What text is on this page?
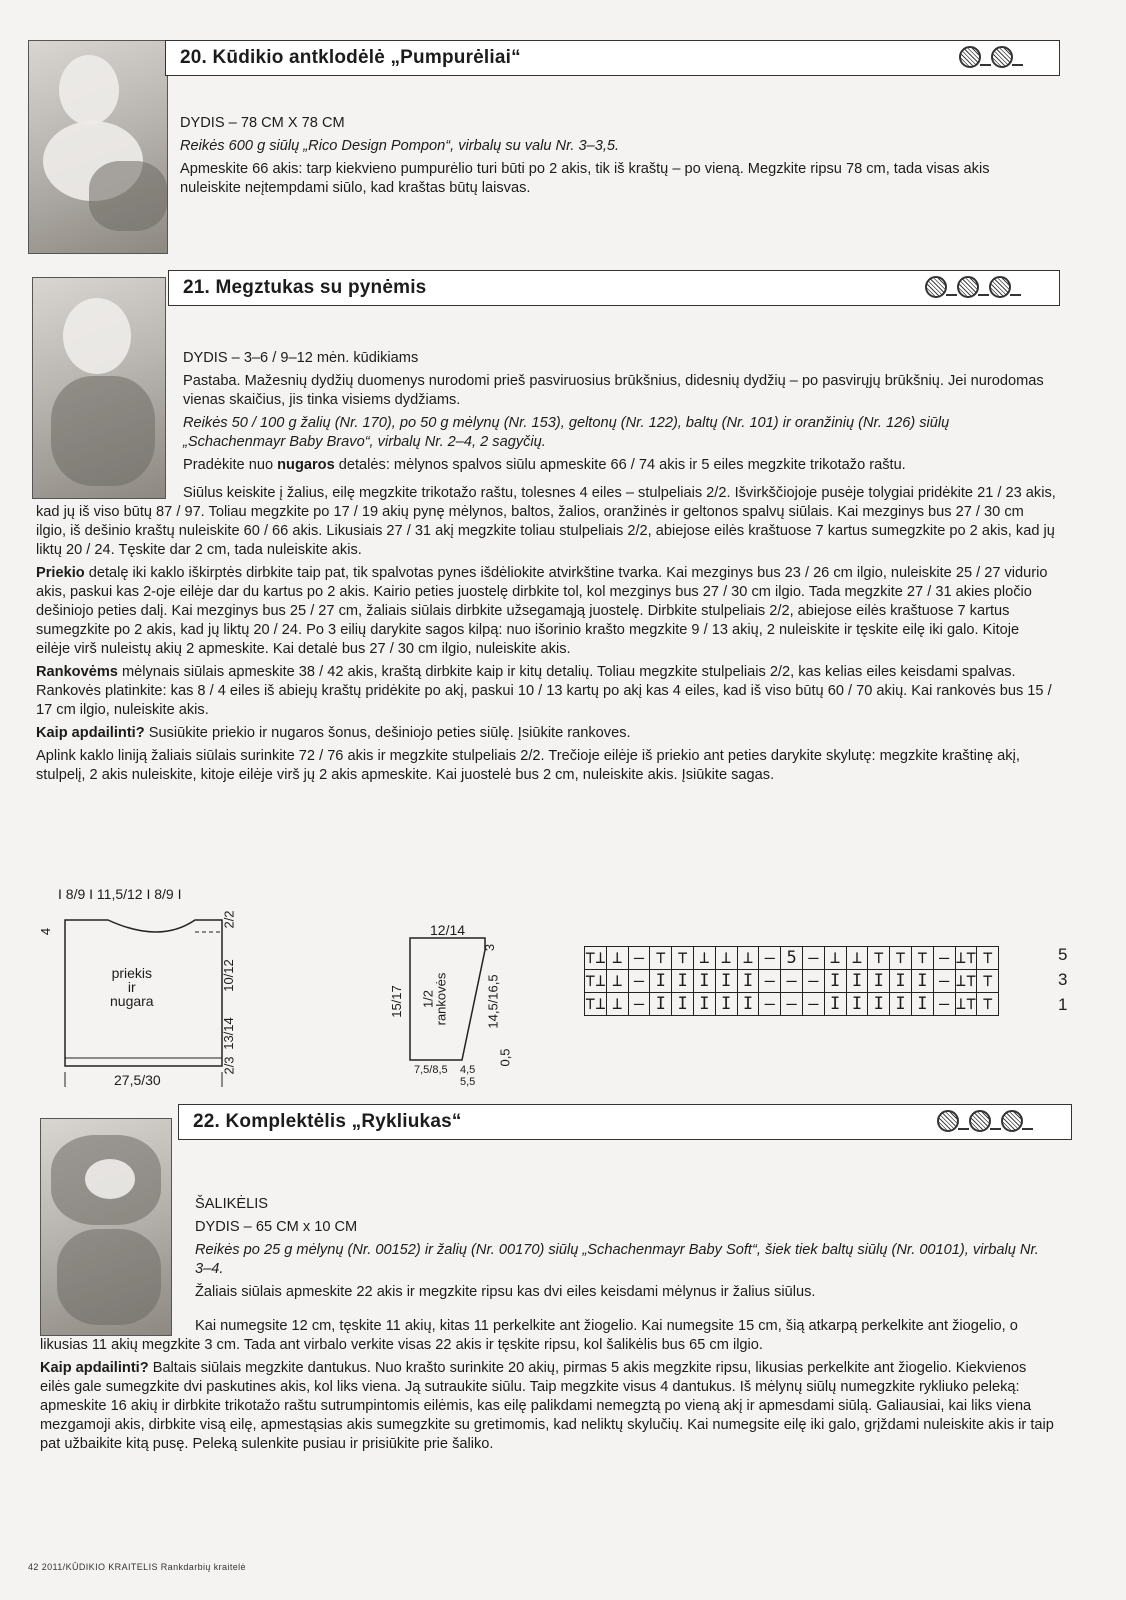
20. Kūdikio antklodėlė „Pumpurėliai“

DYDIS – 78 CM X 78 CM

Reikės 600 g siūlų „Rico Design Pompon“, virbalų su valu Nr. 3–3,5.

Apmeskite 66 akis: tarp kiekvieno pumpurėlio turi būti po 2 akis, tik iš kraštų – po vieną. Megzkite ripsu 78 cm, tada visas akis nuleiskite neįtempdami siūlo, kad kraštas būtų laisvas.

21. Megztukas su pynėmis

DYDIS – 3–6 / 9–12 mėn. kūdikiams

Pastaba. Mažesnių dydžių duomenys nurodomi prieš pasviruosius brūkšnius, didesnių dydžių – po pasvirųjų brūkšnių. Jei nurodomas vienas skaičius, jis tinka visiems dydžiams.

Reikės 50 / 100 g žalių (Nr. 170), po 50 g mėlynų (Nr. 153), geltonų (Nr. 122), baltų (Nr. 101) ir oranžinių (Nr. 126) siūlų „Schachenmayr Baby Bravo“, virbalų Nr. 2–4, 2 sagyčių.

Pradėkite nuo nugaros detalės: mėlynos spalvos siūlu apmeskite 66 / 74 akis ir 5 eiles megzkite trikotažo raštu.

Siūlus keiskite į žalius, eilę megzkite trikotažo raštu, tolesnes 4 eiles – stulpeliais 2/2. Išvirkščiojoje pusėje tolygiai pridėkite 21 / 23 akis, kad jų iš viso būtų 87 / 97. Toliau megzkite po 17 / 19 akių pynę mėlynos, baltos, žalios, oranžinės ir geltonos spalvų siūlais. Kai mezginys bus 27 / 30 cm ilgio, iš dešinio kraštų nuleiskite 60 / 66 akis. Likusiais 27 / 31 akį megzkite toliau stulpeliais 2/2, abiejose eilės kraštuose 7 kartus sumegzkite po 2 akis, kad jų liktų 20 / 24. Tęskite dar 2 cm, tada nuleiskite akis.

Priekio detalę iki kaklo iškirptės dirbkite taip pat, tik spalvotas pynes išdėliokite atvirkštine tvarka. Kai mezginys bus 23 / 26 cm ilgio, nuleiskite 25 / 27 vidurio akis, paskui kas 2-oje eilėje dar du kartus po 2 akis. Kairio peties juostelę dirbkite tol, kol mezginys bus 27 / 30 cm ilgio. Tada megzkite 27 / 31 akies pločio dešiniojo peties dalį. Kai mezginys bus 25 / 27 cm, žaliais siūlais dirbkite užsegamąją juostelę. Dirbkite stulpeliais 2/2, abiejose eilės kraštuose 7 kartus sumegzkite po 2 akis, kad jų liktų 20 / 24. Po 3 eilių darykite sagos kilpą: nuo išorinio krašto megzkite 9 / 13 akių, 2 nuleiskite ir tęskite eilę iki galo. Kitoje eilėje virš nuleistų akių 2 apmeskite. Kai detalė bus 27 / 30 cm ilgio, nuleiskite akis.

Rankovėms mėlynais siūlais apmeskite 38 / 42 akis, kraštą dirbkite kaip ir kitų detalių. Toliau megzkite stulpeliais 2/2, kas kelias eiles keisdami spalvas. Rankovės platinkite: kas 8 / 4 eiles iš abiejų kraštų pridėkite po akį, paskui 10 / 13 kartų po akį kas 4 eiles, kad iš viso būtų 60 / 70 akių. Kai rankovės bus 15 / 17 cm ilgio, nuleiskite akis.

Kaip apdailinti? Susiūkite priekio ir nugaros šonus, dešiniojo peties siūlę. Įsiūkite rankoves.

Aplink kaklo liniją žaliais siūlais surinkite 72 / 76 akis ir megzkite stulpeliais 2/2. Trečioje eilėje iš priekio ant peties darykite skylutę: megzkite kraštinę akį, stulpelį, 2 akis nuleiskite, kitoje eilėje virš jų 2 akis apmeskite. Kai juostelė bus 2 cm, nuleiskite akis. Įsiūkite sagas.

I 8/9 I 11,5/12 I 8/9 I
4
priekis
ir
nugara
2/2
10/12
13/14
2/3
27,5/30
12/14
15/17 1/2
rankovės
3
14,5/16,5
7,5/8,5 4,5
5,5
0,5
⊤⊥	⊥	—	⊤	⊤	⊥	⊥	⊥	—	5	—	⊥	⊥	⊤	⊤	⊤	—	⊥⊤	⊤
⊤⊥	⊥	—	I	I	I	I	I	—	—	—	I	I	I	I	I	—	⊥⊤	⊤
⊤⊥	⊥	—	I	I	I	I	I	—	—	—	I	I	I	I	I	—	⊥⊤	⊤
5
3
1
22. Komplektėlis „Rykliukas“

ŠALIKĖLIS

DYDIS – 65 CM x 10 CM

Reikės po 25 g mėlynų (Nr. 00152) ir žalių (Nr. 00170) siūlų „Schachenmayr Baby Soft“, šiek tiek baltų siūlų (Nr. 00101), virbalų Nr. 3–4.

Žaliais siūlais apmeskite 22 akis ir megzkite ripsu kas dvi eiles keisdami mėlynus ir žalius siūlus.

Kai numegsite 12 cm, tęskite 11 akių, kitas 11 perkelkite ant žiogelio. Kai numegsite 15 cm, šią atkarpą perkelkite ant žiogelio, o likusias 11 akių megzkite 3 cm. Tada ant virbalo verkite visas 22 akis ir tęskite ripsu, kol šalikėlis bus 65 cm ilgio.

Kaip apdailinti? Baltais siūlais megzkite dantukus. Nuo krašto surinkite 20 akių, pirmas 5 akis megzkite ripsu, likusias perkelkite ant žiogelio. Kiekvienos eilės gale sumegzkite dvi paskutines akis, kol liks viena. Ją sutraukite siūlu. Taip megzkite visus 4 dantukus. Iš mėlynų siūlų numegzkite rykliuko peleką: apmeskite 16 akių ir dirbkite trikotažo raštu sutrumpintomis eilėmis, kas eilę palikdami nemegztą po vieną akį ir apmesdami siūlą. Galiausiai, kai liks viena mezgamoji akis, dirbkite visą eilę, apmestąsias akis sumegzkite su gretimomis, kad neliktų skylučių. Kai numegsite eilę iki galo, grįždami nuleiskite akis ir taip pat užbaikite kitą pusę. Peleką sulenkite pusiau ir prisiūkite prie šaliko.

42 2011/KŪDIKIO KRAITELIS Rankdarbių kraitelė
